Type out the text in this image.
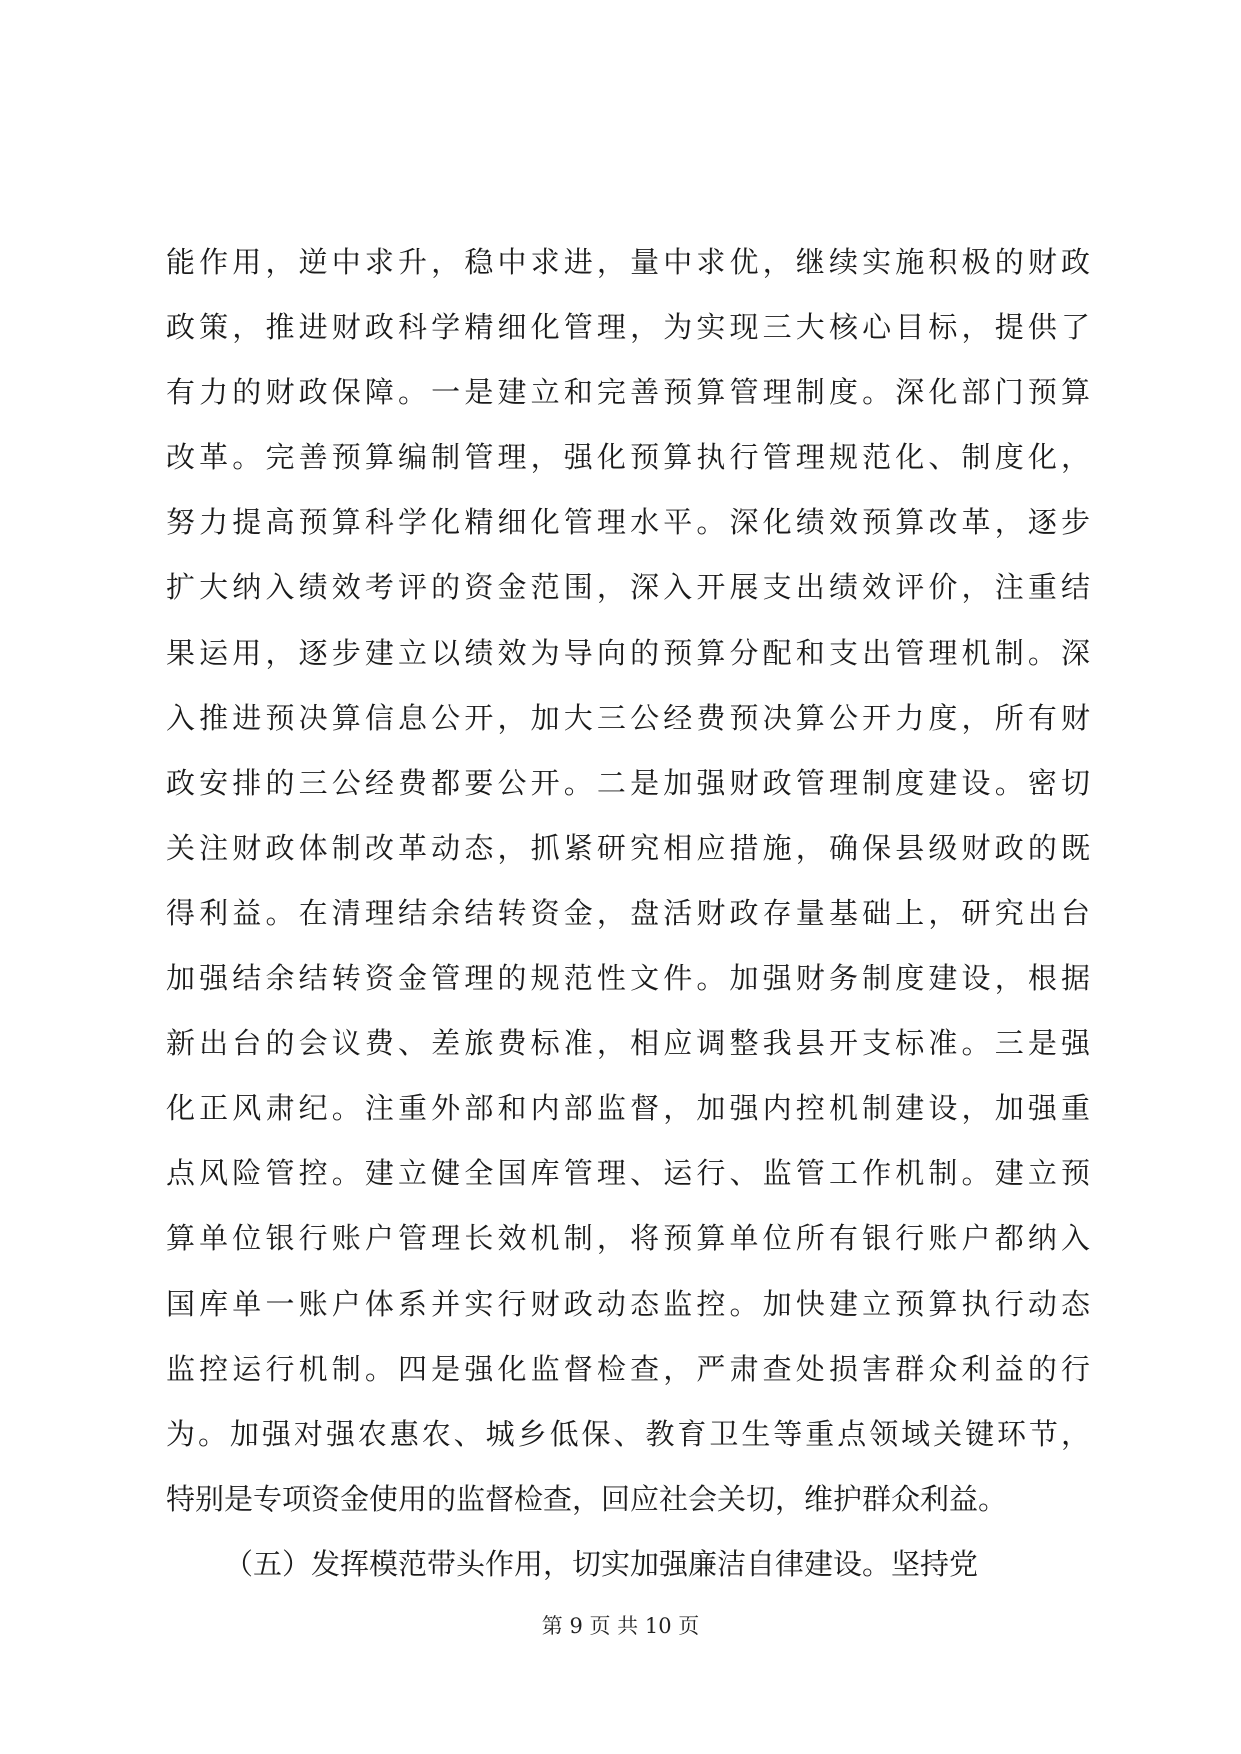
能作用，逆中求升，稳中求进，量中求优，继续实施积极的财政
政策，推进财政科学精细化管理，为实现三大核心目标，提供了
有力的财政保障。一是建立和完善预算管理制度。深化部门预算
改革。完善预算编制管理，强化预算执行管理规范化、制度化，
努力提高预算科学化精细化管理水平。深化绩效预算改革，逐步
扩大纳入绩效考评的资金范围，深入开展支出绩效评价，注重结
果运用，逐步建立以绩效为导向的预算分配和支出管理机制。深
入推进预决算信息公开，加大三公经费预决算公开力度，所有财
政安排的三公经费都要公开。二是加强财政管理制度建设。密切
关注财政体制改革动态，抓紧研究相应措施，确保县级财政的既
得利益。在清理结余结转资金，盘活财政存量基础上，研究出台
加强结余结转资金管理的规范性文件。加强财务制度建设，根据
新出台的会议费、差旅费标准，相应调整我县开支标准。三是强
化正风肃纪。注重外部和内部监督，加强内控机制建设，加强重
点风险管控。建立健全国库管理、运行、监管工作机制。建立预
算单位银行账户管理长效机制，将预算单位所有银行账户都纳入
国库单一账户体系并实行财政动态监控。加快建立预算执行动态
监控运行机制。四是强化监督检查，严肃查处损害群众利益的行
为。加强对强农惠农、城乡低保、教育卫生等重点领域关键环节，
特别是专项资金使用的监督检查，回应社会关切，维护群众利益。
（五）发挥模范带头作用，切实加强廉洁自律建设。坚持党
第 9 页 共 10 页
